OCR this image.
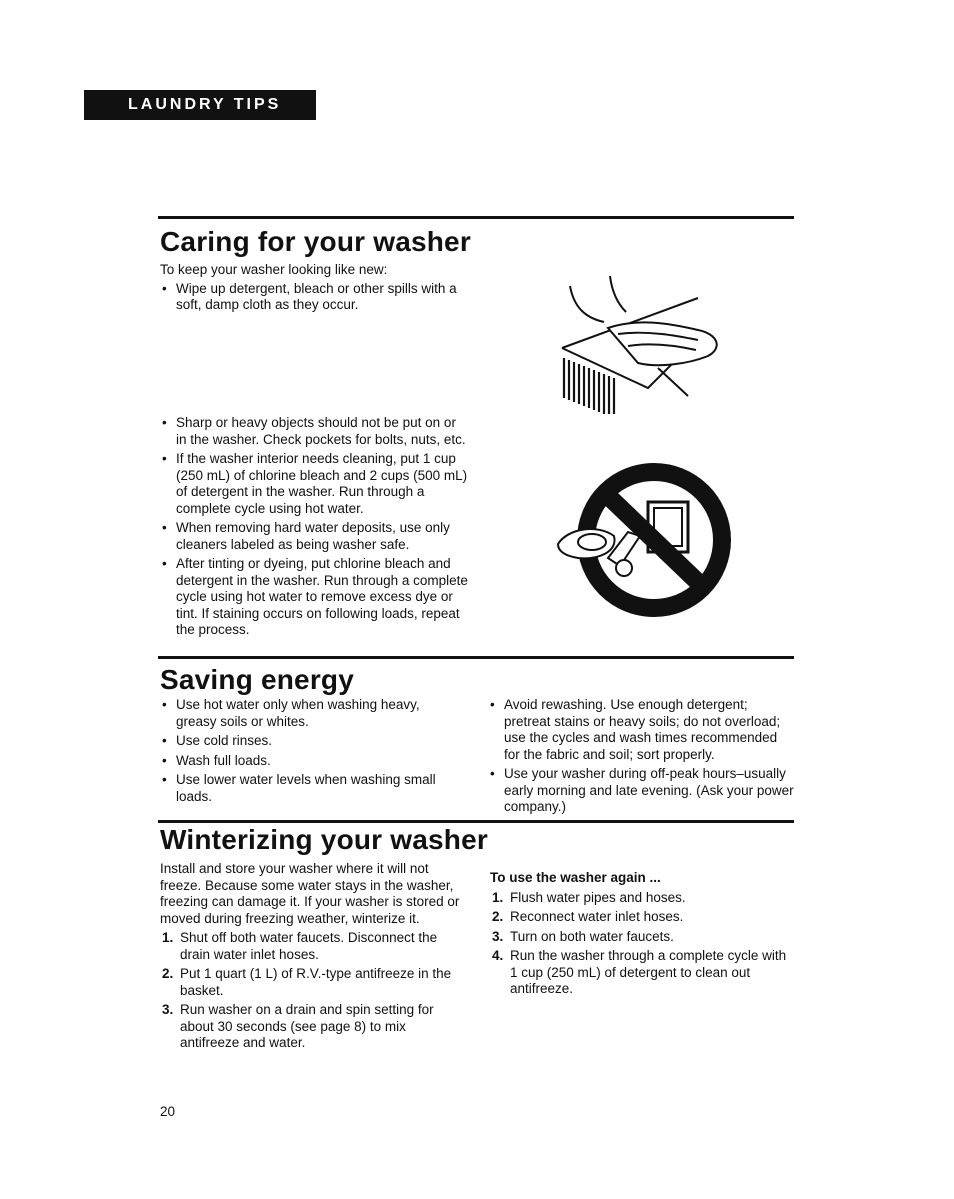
LAUNDRY TIPS
Caring for your washer

To keep your washer looking like new:

• Wipe up detergent, bleach or other spills with a soft, damp cloth as they occur.

• Sharp or heavy objects should not be put on or in the washer. Check pockets for bolts, nuts, etc.

• If the washer interior needs cleaning, put 1 cup (250 mL) of chlorine bleach and 2 cups (500 mL) of detergent in the washer. Run through a complete cycle using hot water.

• When removing hard water deposits, use only cleaners labeled as being washer safe.

• After tinting or dyeing, put chlorine bleach and detergent in the washer. Run through a complete cycle using hot water to remove excess dye or tint. If staining occurs on following loads, repeat the process.

Saving energy

• Use hot water only when washing heavy, greasy soils or whites.

• Use cold rinses.

• Wash full loads.

• Use lower water levels when washing small loads.

• Avoid rewashing. Use enough detergent; pretreat stains or heavy soils; do not overload; use the cycles and wash times recommended for the fabric and soil; sort properly.

• Use your washer during off-peak hours–usually early morning and late evening. (Ask your power company.)

Winterizing your washer

Install and store your washer where it will not freeze. Because some water stays in the washer, freezing can damage it. If your washer is stored or moved during freezing weather, winterize it.

1. Shut off both water faucets. Disconnect the drain water inlet hoses.
2. Put 1 quart (1 L) of R.V.-type antifreeze in the basket.
3. Run washer on a drain and spin setting for about 30 seconds (see page 8) to mix antifreeze and water.

To use the washer again ...

1. Flush water pipes and hoses.
2. Reconnect water inlet hoses.
3. Turn on both water faucets.
4. Run the washer through a complete cycle with 1 cup (250 mL) of detergent to clean out antifreeze.
20
